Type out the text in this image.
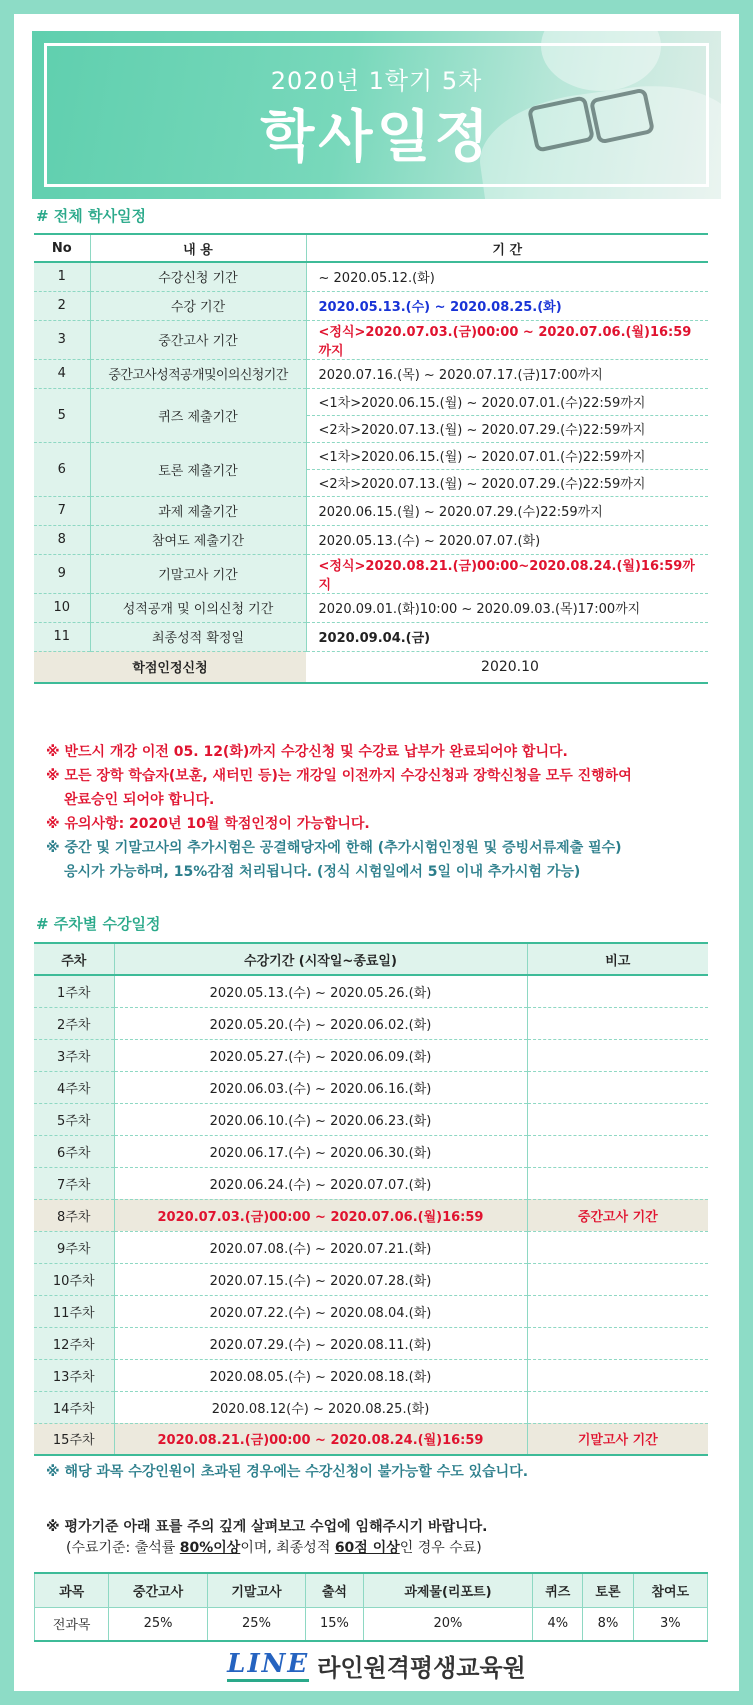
2020년 1학기 5차
학사일정
# 전체 학사일정
No	내 용	기 간
1	수강신청 기간	~ 2020.05.12.(화)
2	수강 기간	2020.05.13.(수) ~ 2020.08.25.(화)
3	중간고사 기간	<정식>2020.07.03.(금)00:00 ~ 2020.07.06.(월)16:59까지
4	중간고사성적공개및이의신청기간	2020.07.16.(목) ~ 2020.07.17.(금)17:00까지
5	퀴즈 제출기간	<1차>2020.06.15.(월) ~ 2020.07.01.(수)22:59까지
		<2차>2020.07.13.(월) ~ 2020.07.29.(수)22:59까지
6	토론 제출기간	<1차>2020.06.15.(월) ~ 2020.07.01.(수)22:59까지
		<2차>2020.07.13.(월) ~ 2020.07.29.(수)22:59까지
7	과제 제출기간	2020.06.15.(월) ~ 2020.07.29.(수)22:59까지
8	참여도 제출기간	2020.05.13.(수) ~ 2020.07.07.(화)
9	기말고사 기간	<정식>2020.08.21.(금)00:00~2020.08.24.(월)16:59까지
10	성적공개 및 이의신청 기간	2020.09.01.(화)10:00 ~ 2020.09.03.(목)17:00까지
11	최종성적 확정일	2020.09.04.(금)
학점인정신청		2020.10
※ 반드시 개강 이전 05. 12(화)까지 수강신청 및 수강료 납부가 완료되어야 합니다.
※ 모든 장학 학습자(보훈, 새터민 등)는 개강일 이전까지 수강신청과 장학신청을 모두 진행하여
완료승인 되어야 합니다.
※ 유의사항: 2020년 10월 학점인정이 가능합니다.
※ 중간 및 기말고사의 추가시험은 공결해당자에 한해 (추가시험인정원 및 증빙서류제출 필수)
응시가 가능하며, 15%감점 처리됩니다. (정식 시험일에서 5일 이내 추가시험 가능)
# 주차별 수강일정
주차	수강기간 (시작일~종료일)	비고
1주차	2020.05.13.(수) ~ 2020.05.26.(화)	
2주차	2020.05.20.(수) ~ 2020.06.02.(화)	
3주차	2020.05.27.(수) ~ 2020.06.09.(화)	
4주차	2020.06.03.(수) ~ 2020.06.16.(화)	
5주차	2020.06.10.(수) ~ 2020.06.23.(화)	
6주차	2020.06.17.(수) ~ 2020.06.30.(화)	
7주차	2020.06.24.(수) ~ 2020.07.07.(화)	
8주차	2020.07.03.(금)00:00 ~ 2020.07.06.(월)16:59	중간고사 기간
9주차	2020.07.08.(수) ~ 2020.07.21.(화)	
10주차	2020.07.15.(수) ~ 2020.07.28.(화)	
11주차	2020.07.22.(수) ~ 2020.08.04.(화)	
12주차	2020.07.29.(수) ~ 2020.08.11.(화)	
13주차	2020.08.05.(수) ~ 2020.08.18.(화)	
14주차	2020.08.12(수) ~ 2020.08.25.(화)	
15주차	2020.08.21.(금)00:00 ~ 2020.08.24.(월)16:59	기말고사 기간
※ 해당 과목 수강인원이 초과된 경우에는 수강신청이 불가능할 수도 있습니다.
※ 평가기준 아래 표를 주의 깊게 살펴보고 수업에 임해주시기 바랍니다.
(수료기준: 출석률 80%이상이며, 최종성적 60점 이상인 경우 수료)
과목	중간고사	기말고사	출석	과제물(리포트)	퀴즈	토론	참여도
전과목	25%	25%	15%	20%	4%	8%	3%
LINE 라인원격평생교육원
